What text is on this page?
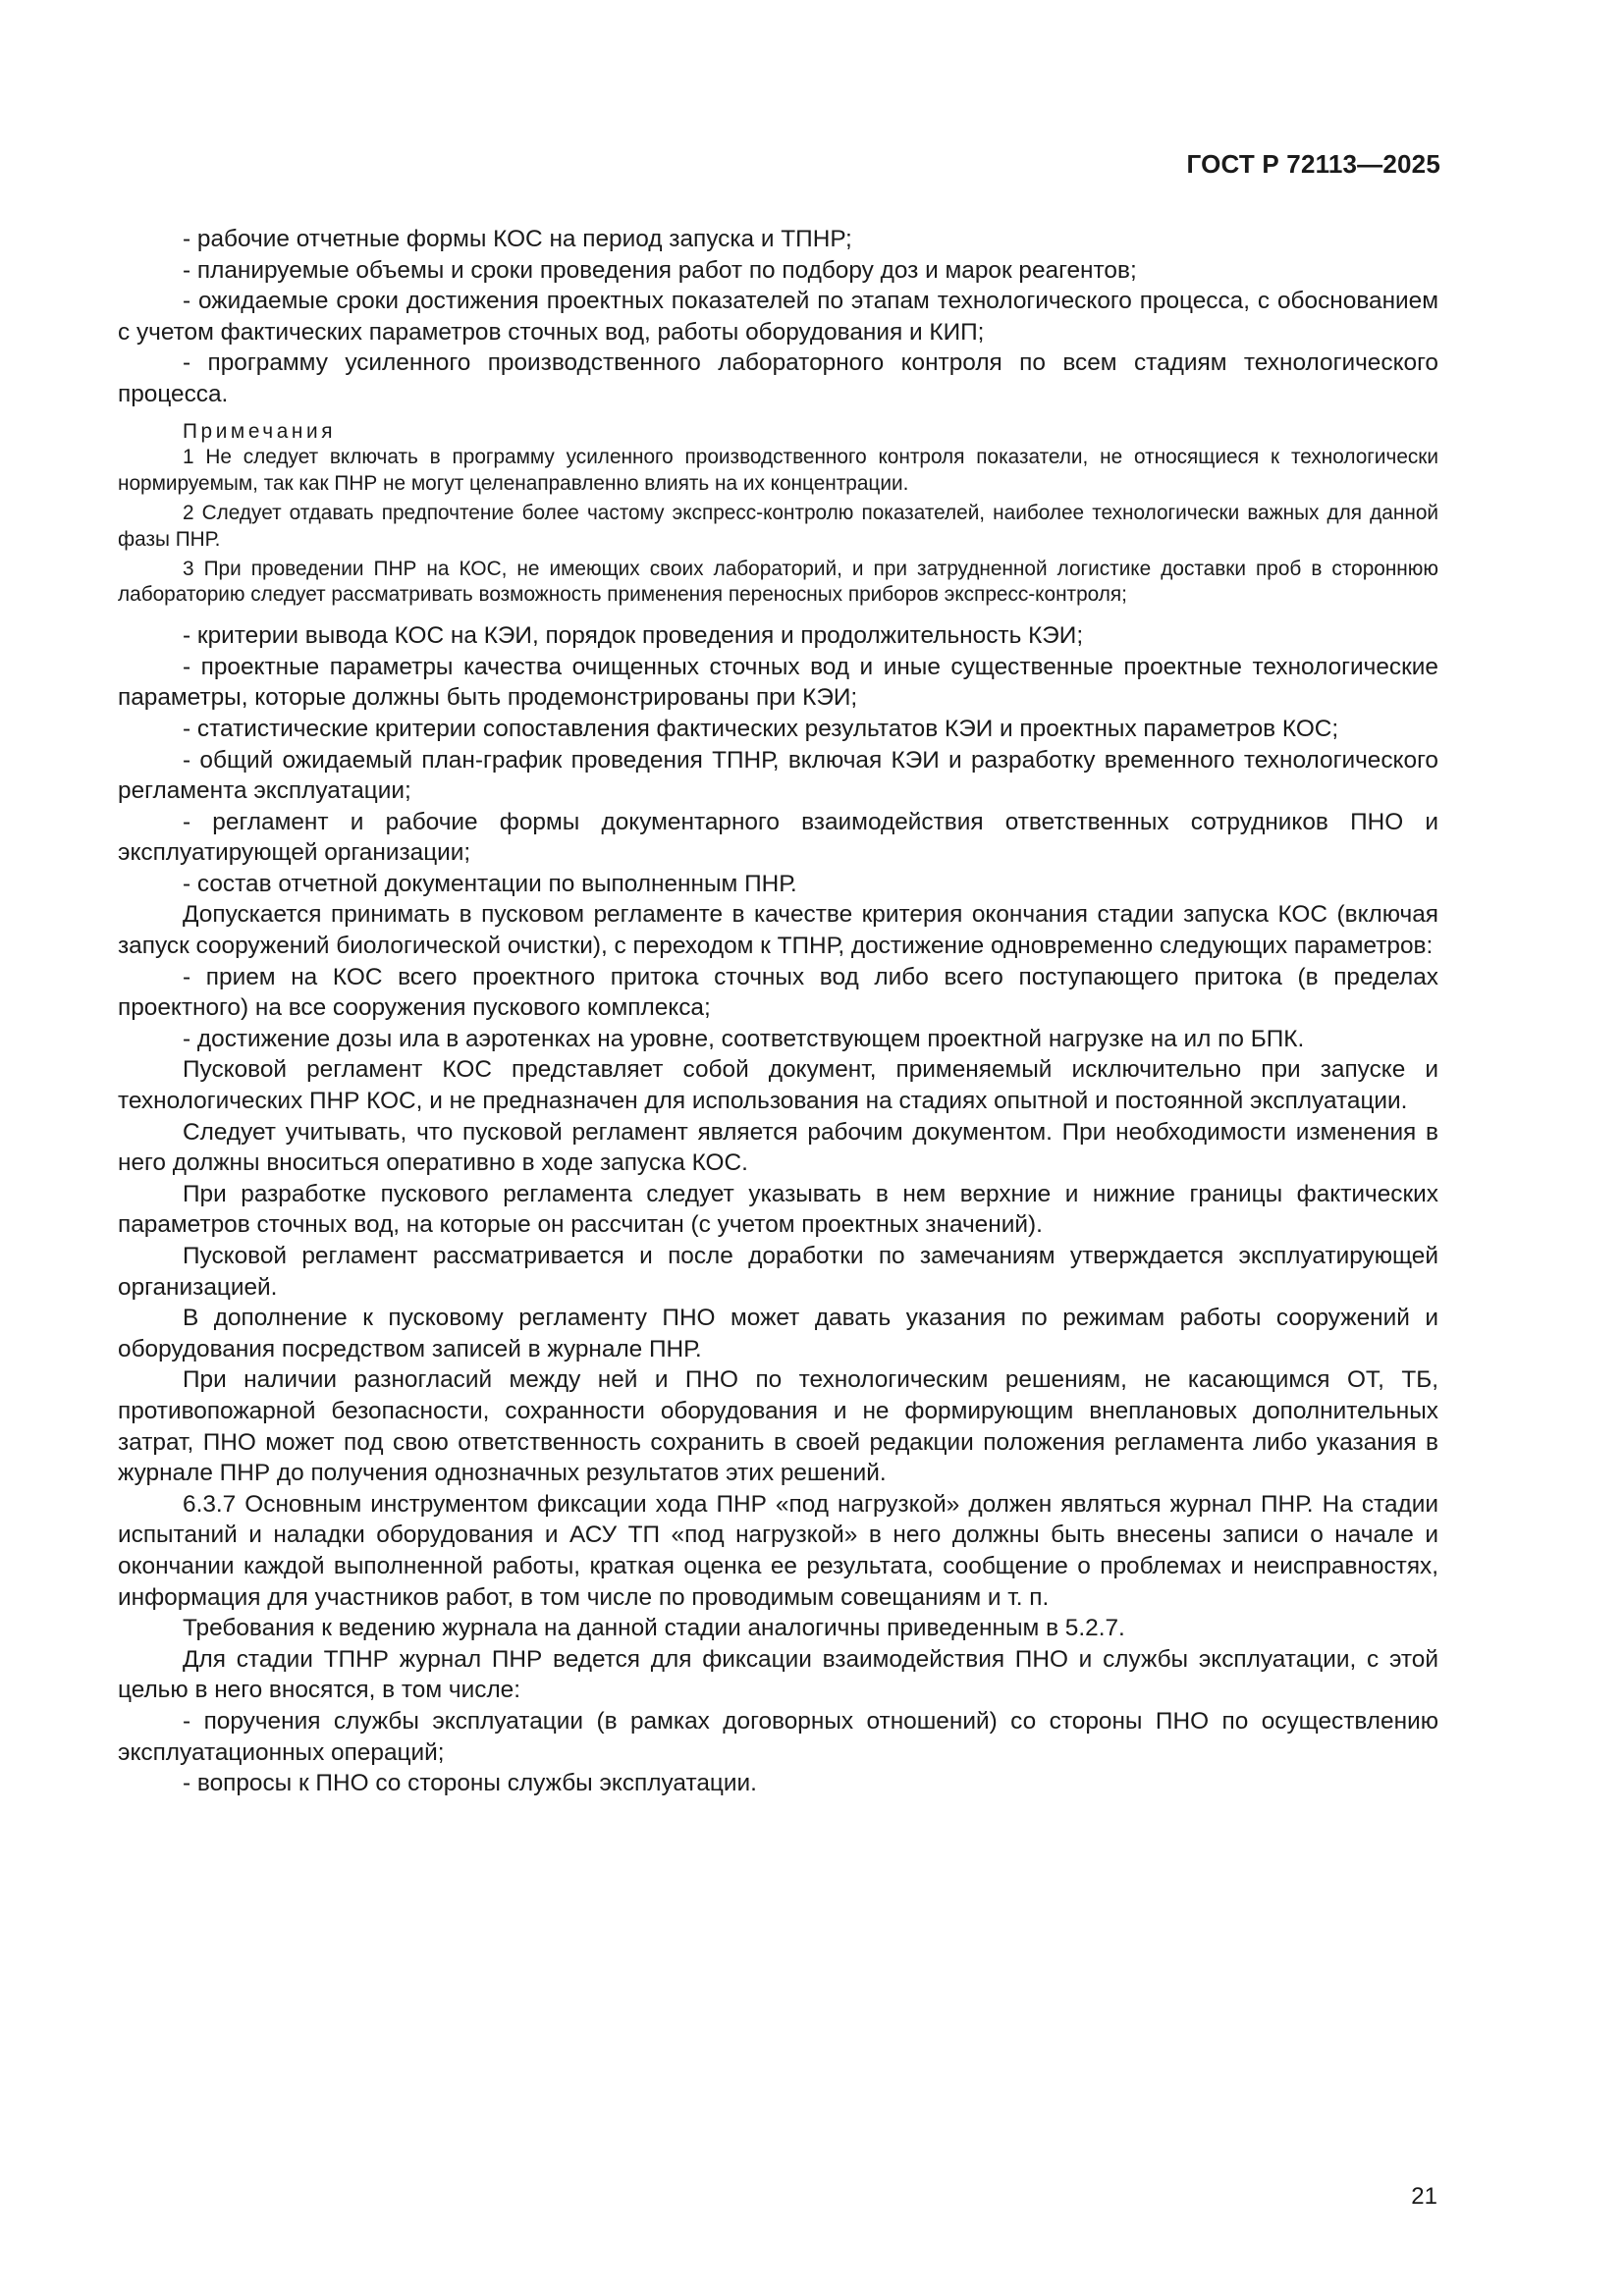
ГОСТ Р 72113—2025

- рабочие отчетные формы КОС на период запуска и ТПНР;

- планируемые объемы и сроки проведения работ по подбору доз и марок реагентов;

- ожидаемые сроки достижения проектных показателей по этапам технологического процесса, с обоснованием с учетом фактических параметров сточных вод, работы оборудования и КИП;

- программу усиленного производственного лабораторного контроля по всем стадиям технологического процесса.

Примечания

1 Не следует включать в программу усиленного производственного контроля показатели, не относящиеся к технологически нормируемым, так как ПНР не могут целенаправленно влиять на их концентрации.

2 Следует отдавать предпочтение более частому экспресс-контролю показателей, наиболее технологически важных для данной фазы ПНР.

3 При проведении ПНР на КОС, не имеющих своих лабораторий, и при затрудненной логистике доставки проб в стороннюю лабораторию следует рассматривать возможность применения переносных приборов экспресс-контроля;

- критерии вывода КОС на КЭИ, порядок проведения и продолжительность КЭИ;

- проектные параметры качества очищенных сточных вод и иные существенные проектные технологические параметры, которые должны быть продемонстрированы при КЭИ;

- статистические критерии сопоставления фактических результатов КЭИ и проектных параметров КОС;

- общий ожидаемый план-график проведения ТПНР, включая КЭИ и разработку временного технологического регламента эксплуатации;

- регламент и рабочие формы документарного взаимодействия ответственных сотрудников ПНО и эксплуатирующей организации;

- состав отчетной документации по выполненным ПНР.

Допускается принимать в пусковом регламенте в качестве критерия окончания стадии запуска КОС (включая запуск сооружений биологической очистки), с переходом к ТПНР, достижение одновременно следующих параметров:

- прием на КОС всего проектного притока сточных вод либо всего поступающего притока (в пределах проектного) на все сооружения пускового комплекса;

- достижение дозы ила в аэротенках на уровне, соответствующем проектной нагрузке на ил по БПК.

Пусковой регламент КОС представляет собой документ, применяемый исключительно при запуске и технологических ПНР КОС, и не предназначен для использования на стадиях опытной и постоянной эксплуатации.

Следует учитывать, что пусковой регламент является рабочим документом. При необходимости изменения в него должны вноситься оперативно в ходе запуска КОС.

При разработке пускового регламента следует указывать в нем верхние и нижние границы фактических параметров сточных вод, на которые он рассчитан (с учетом проектных значений).

Пусковой регламент рассматривается и после доработки по замечаниям утверждается эксплуатирующей организацией.

В дополнение к пусковому регламенту ПНО может давать указания по режимам работы сооружений и оборудования посредством записей в журнале ПНР.

При наличии разногласий между ней и ПНО по технологическим решениям, не касающимся ОТ, ТБ, противопожарной безопасности, сохранности оборудования и не формирующим внеплановых дополнительных затрат, ПНО может под свою ответственность сохранить в своей редакции положения регламента либо указания в журнале ПНР до получения однозначных результатов этих решений.

6.3.7 Основным инструментом фиксации хода ПНР «под нагрузкой» должен являться журнал ПНР. На стадии испытаний и наладки оборудования и АСУ ТП «под нагрузкой» в него должны быть внесены записи о начале и окончании каждой выполненной работы, краткая оценка ее результата, сообщение о проблемах и неисправностях, информация для участников работ, в том числе по проводимым совещаниям и т. п.

Требования к ведению журнала на данной стадии аналогичны приведенным в 5.2.7.

Для стадии ТПНР журнал ПНР ведется для фиксации взаимодействия ПНО и службы эксплуатации, с этой целью в него вносятся, в том числе:

- поручения службы эксплуатации (в рамках договорных отношений) со стороны ПНО по осуществлению эксплуатационных операций;

- вопросы к ПНО со стороны службы эксплуатации.

21
